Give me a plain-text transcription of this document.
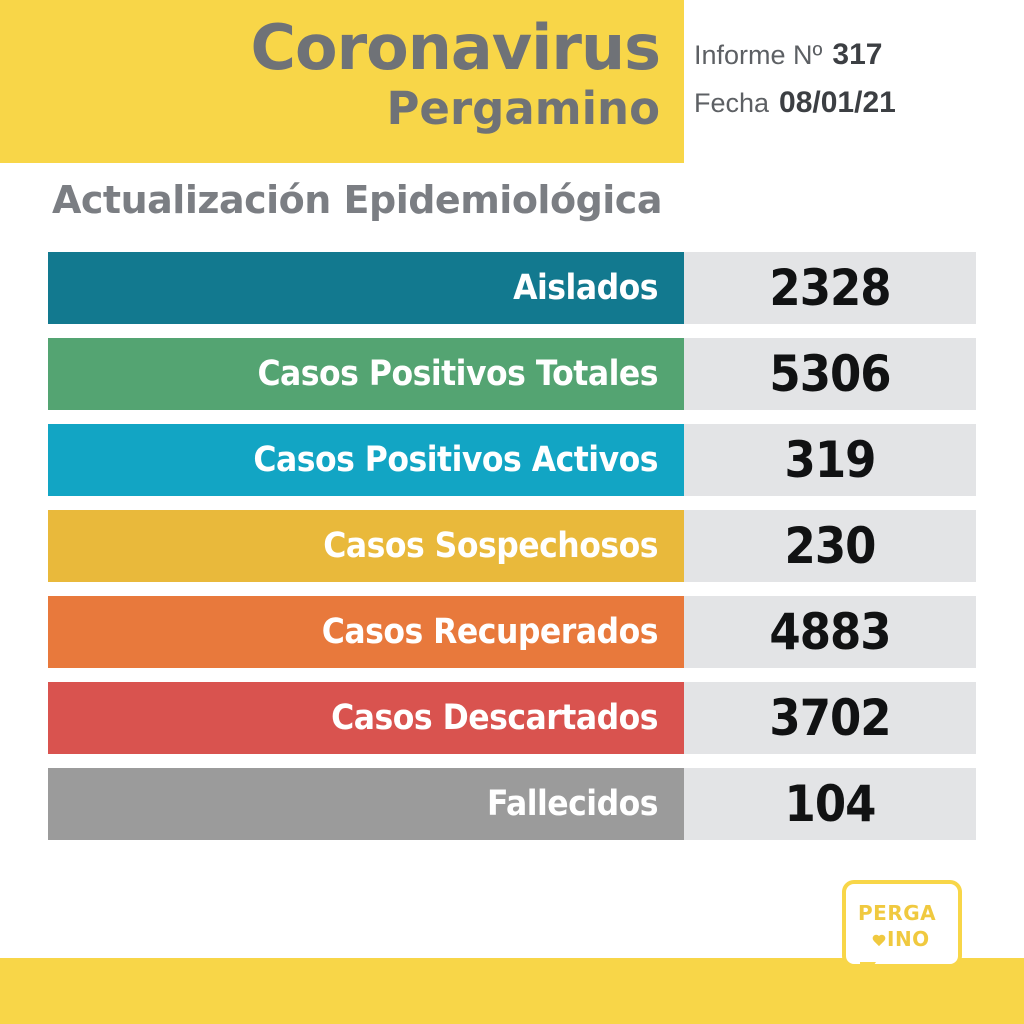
Coronavirus
Pergamino
Informe Nº 317
Fecha 08/01/21
Actualización Epidemiológica
Aislados	2328
Casos Positivos Totales	5306
Casos Positivos Activos	319
Casos Sospechosos	230
Casos Recuperados	4883
Casos Descartados	3702
Fallecidos	104
PERGA
INO
